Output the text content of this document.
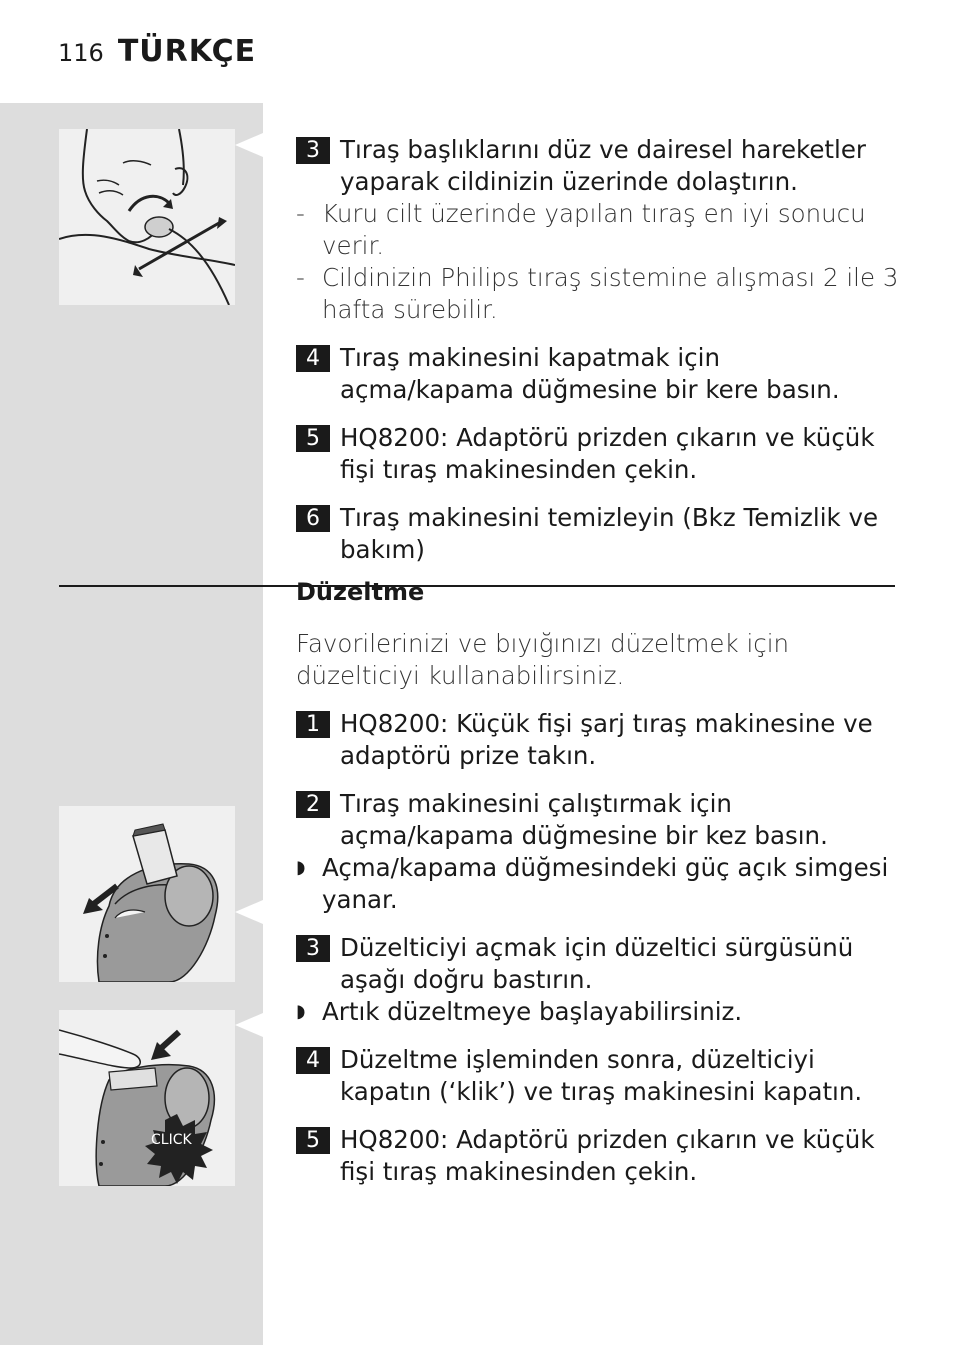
116 TÜRKÇE
CLICK
3 Tıraş başlıklarını düz ve dairesel hareketler yaparak cildinizin üzerinde dolaştırın.
- Kuru cilt üzerinde yapılan tıraş en iyi sonucu verir.
- Cildinizin Philips tıraş sistemine alışması 2 ile 3 hafta sürebilir.
4 Tıraş makinesini kapatmak için açma/kapama düğmesine bir kere basın.
5 HQ8200: Adaptörü prizden çıkarın ve küçük fişi tıraş makinesinden çekin.
6 Tıraş makinesini temizleyin (Bkz Temizlik ve bakım)
Düzeltme
Favorilerinizi ve bıyığınızı düzeltmek için düzelticiyi kullanabilirsiniz.
1 HQ8200: Küçük fişi şarj tıraş makinesine ve adaptörü prize takın.
2 Tıraş makinesini çalıştırmak için açma/kapama düğmesine bir kez basın.
◗ Açma/kapama düğmesindeki güç açık simgesi yanar.
3 Düzelticiyi açmak için düzeltici sürgüsünü aşağı doğru bastırın.
◗ Artık düzeltmeye başlayabilirsiniz.
4 Düzeltme işleminden sonra, düzelticiyi kapatın (‘klik’) ve tıraş makinesini kapatın.
5 HQ8200: Adaptörü prizden çıkarın ve küçük fişi tıraş makinesinden çekin.
